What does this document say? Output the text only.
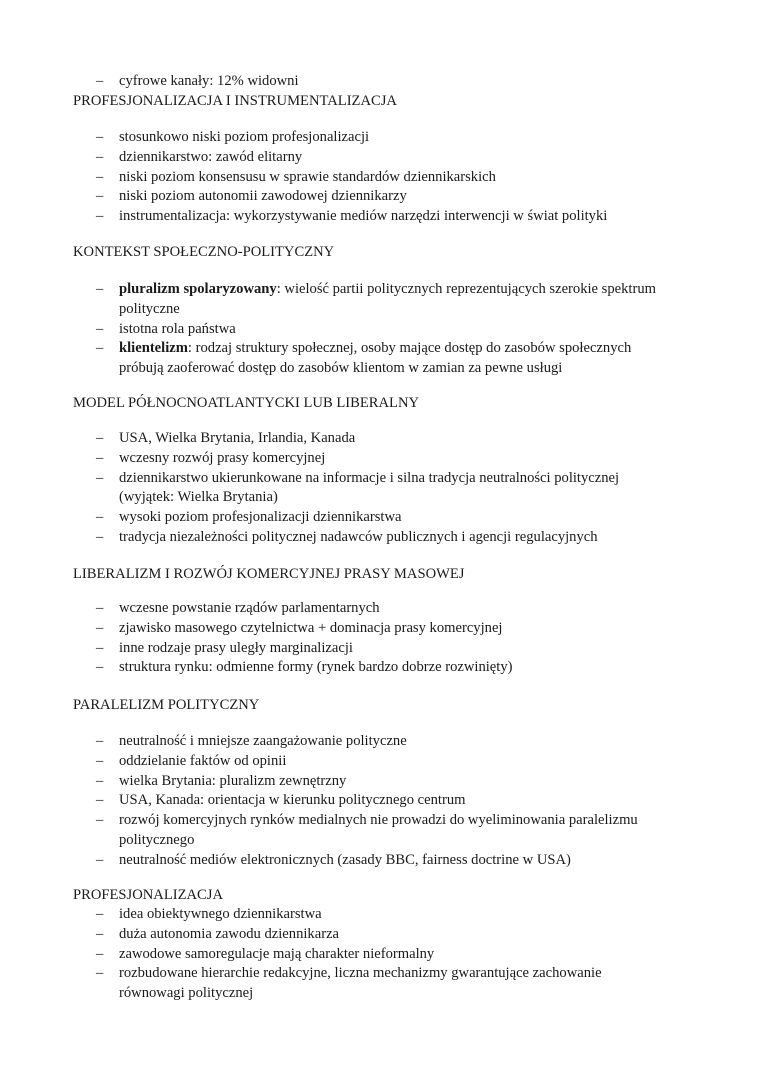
– cyfrowe kanały: 12% widowni
PROFESJONALIZACJA I INSTRUMENTALIZACJA
– stosunkowo niski poziom profesjonalizacji
– dziennikarstwo: zawód elitarny
– niski poziom konsensusu w sprawie standardów dziennikarskich
– niski poziom autonomii zawodowej dziennikarzy
– instrumentalizacja: wykorzystywanie mediów narzędzi interwencji w świat polityki
KONTEKST SPOŁECZNO-POLITYCZNY
– pluralizm spolaryzowany: wielość partii politycznych reprezentujących szerokie spektrum polityczne
– istotna rola państwa
– klientelizm: rodzaj struktury społecznej, osoby mające dostęp do zasobów społecznych próbują zaoferować dostęp do zasobów klientom w zamian za pewne usługi
MODEL PÓŁNOCNOATLANTYCKI LUB LIBERALNY
– USA, Wielka Brytania, Irlandia, Kanada
– wczesny rozwój prasy komercyjnej
– dziennikarstwo ukierunkowane na informacje i silna tradycja neutralności politycznej (wyjątek: Wielka Brytania)
– wysoki poziom profesjonalizacji dziennikarstwa
– tradycja niezależności politycznej nadawców publicznych i agencji regulacyjnych
LIBERALIZM I ROZWÓJ KOMERCYJNEJ PRASY MASOWEJ
– wczesne powstanie rządów parlamentarnych
– zjawisko masowego czytelnictwa + dominacja prasy komercyjnej
– inne rodzaje prasy uległy marginalizacji
– struktura rynku: odmienne formy (rynek bardzo dobrze rozwinięty)
PARALELIZM POLITYCZNY
– neutralność i mniejsze zaangażowanie polityczne
– oddzielanie faktów od opinii
– wielka Brytania: pluralizm zewnętrzny
– USA, Kanada: orientacja w kierunku politycznego centrum
– rozwój komercyjnych rynków medialnych nie prowadzi do wyeliminowania paralelizmu politycznego
– neutralność mediów elektronicznych (zasady BBC, fairness doctrine w USA)
PROFESJONALIZACJA
– idea obiektywnego dziennikarstwa
– duża autonomia zawodu dziennikarza
– zawodowe samoregulacje mają charakter nieformalny
– rozbudowane hierarchie redakcyjne, liczna mechanizmy gwarantujące zachowanie równowagi politycznej
